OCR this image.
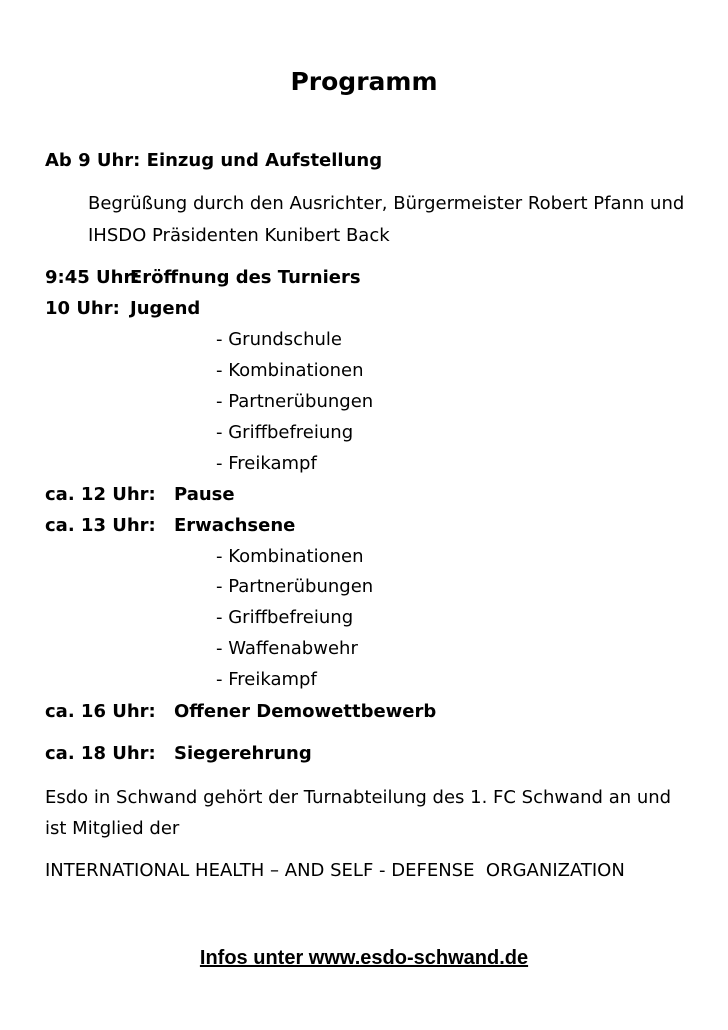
Programm
Ab 9 Uhr: Einzug und Aufstellung
Begrüßung durch den Ausrichter, Bürgermeister Robert Pfann und
IHSDO Präsidenten Kunibert Back
9:45 Uhr:
Eröffnung des Turniers
10 Uhr: Jugend
- Grundschule
- Kombinationen
- Partnerübungen
- Griffbefreiung
- Freikampf
ca. 12 Uhr: Pause
ca. 13 Uhr: Erwachsene
- Kombinationen
- Partnerübungen
- Griffbefreiung
- Waffenabwehr
- Freikampf
ca. 16 Uhr: Offener Demowettbewerb
ca. 18 Uhr: Siegerehrung
Esdo in Schwand gehört der Turnabteilung des 1. FC Schwand an und
ist Mitglied der
INTERNATIONAL HEALTH – AND SELF - DEFENSE  ORGANIZATION
Infos unter www.esdo-schwand.de
